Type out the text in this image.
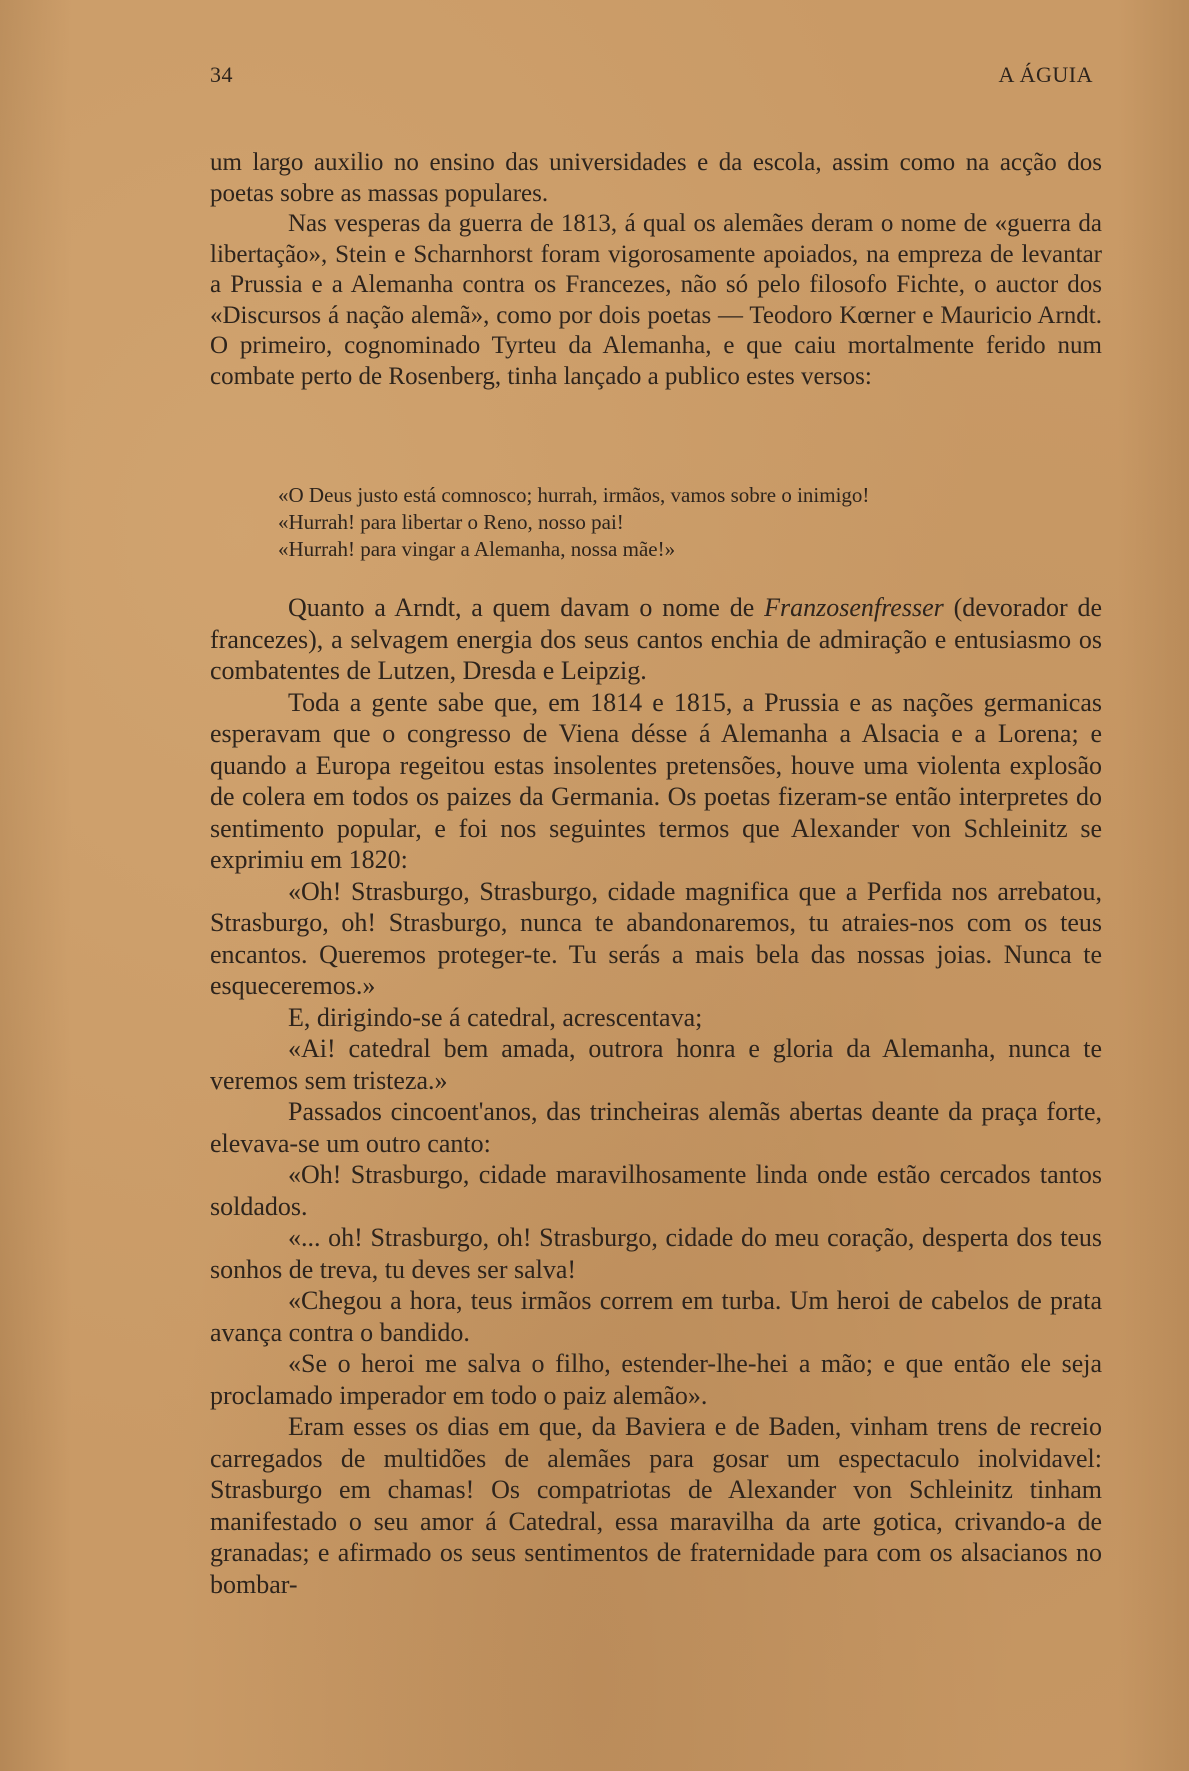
34	A ÁGUIA

um largo auxilio no ensino das universidades e da escola, assim como na acção dos poetas sobre as massas populares.

Nas vesperas da guerra de 1813, á qual os alemães deram o nome de «guerra da libertação», Stein e Scharnhorst foram vigorosamente apoiados, na empreza de levantar a Prussia e a Alemanha contra os Francezes, não só pelo filosofo Fichte, o auctor dos «Discursos á nação alemã», como por dois poetas — Teodoro Kœrner e Mauricio Arndt. O primeiro, cognominado Tyrteu da Alemanha, e que caiu mortalmente ferido num combate perto de Rosenberg, tinha lançado a publico estes versos:

«O Deus justo está comnosco; hurrah, irmãos, vamos sobre o inimigo!

«Hurrah! para libertar o Reno, nosso pai!

«Hurrah! para vingar a Alemanha, nossa mãe!»

Quanto a Arndt, a quem davam o nome de Franzosenfresser (devorador de francezes), a selvagem energia dos seus cantos enchia de admiração e entusiasmo os combatentes de Lutzen, Dresda e Leipzig.

Toda a gente sabe que, em 1814 e 1815, a Prussia e as nações germanicas esperavam que o congresso de Viena désse á Alemanha a Alsacia e a Lorena; e quando a Europa regeitou estas insolentes pretensões, houve uma violenta explosão de colera em todos os paizes da Germania. Os poetas fizeram-se então interpretes do sentimento popular, e foi nos seguintes termos que Alexander von Schleinitz se exprimiu em 1820:

«Oh! Strasburgo, Strasburgo, cidade magnifica que a Perfida nos arrebatou, Strasburgo, oh! Strasburgo, nunca te abandonaremos, tu atraies-nos com os teus encantos. Queremos proteger-te. Tu serás a mais bela das nossas joias. Nunca te esqueceremos.»

E, dirigindo-se á catedral, acrescentava;

«Ai! catedral bem amada, outrora honra e gloria da Alemanha, nunca te veremos sem tristeza.»

Passados cincoent'anos, das trincheiras alemãs abertas deante da praça forte, elevava-se um outro canto:

«Oh! Strasburgo, cidade maravilhosamente linda onde estão cercados tantos soldados.

«... oh! Strasburgo, oh! Strasburgo, cidade do meu coração, desperta dos teus sonhos de treva, tu deves ser salva!

«Chegou a hora, teus irmãos correm em turba. Um heroi de cabelos de prata avança contra o bandido.

«Se o heroi me salva o filho, estender-lhe-hei a mão; e que então ele seja proclamado imperador em todo o paiz alemão».

Eram esses os dias em que, da Baviera e de Baden, vinham trens de recreio carregados de multidões de alemães para gosar um espectaculo inolvidavel: Strasburgo em chamas! Os compatriotas de Alexander von Schleinitz tinham manifestado o seu amor á Catedral, essa maravilha da arte gotica, crivando-a de granadas; e afirmado os seus sentimentos de fraternidade para com os alsacianos no bombar-
